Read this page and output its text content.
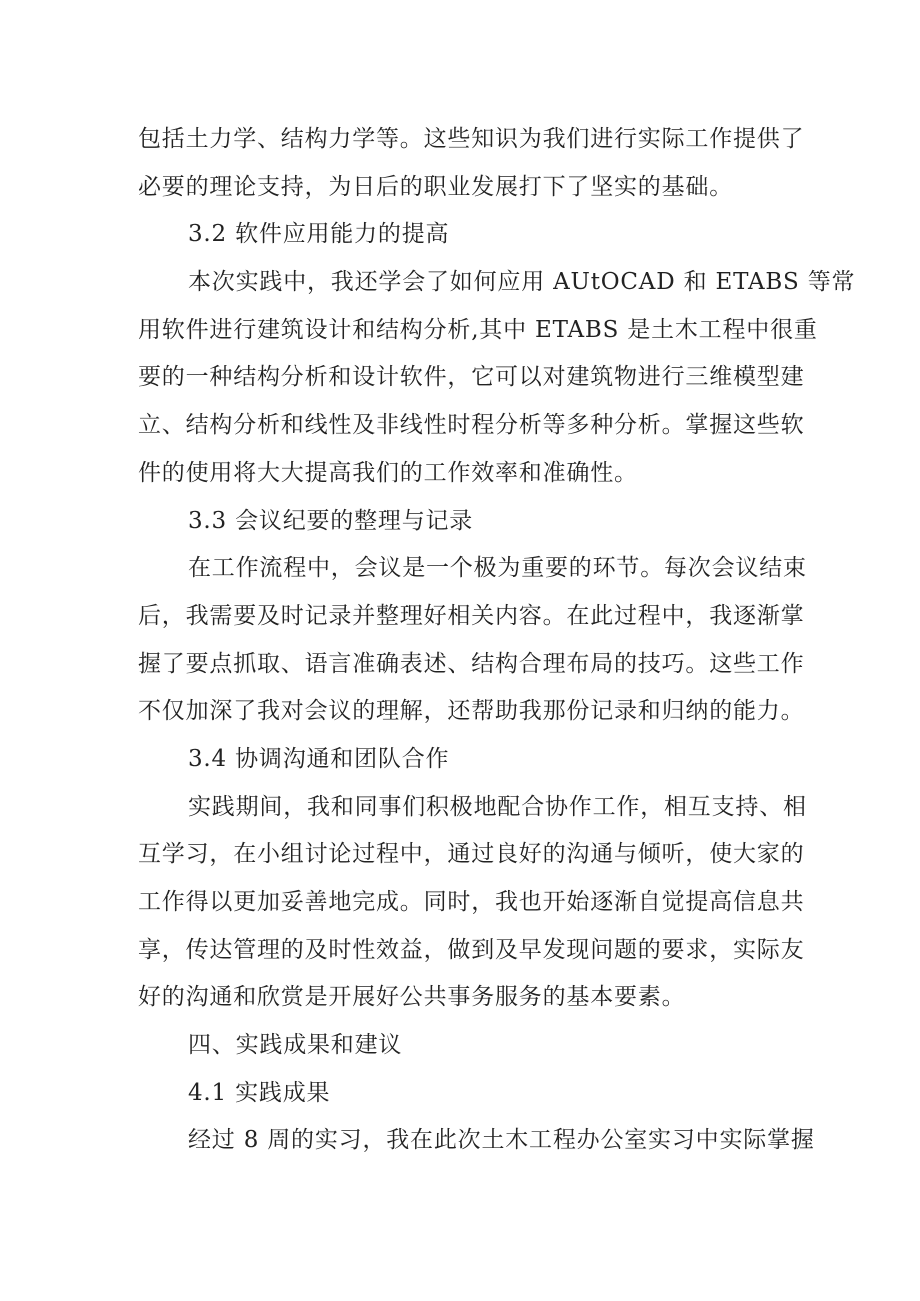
包括土力学、结构力学等。这些知识为我们进行实际工作提供了
必要的理论支持，为日后的职业发展打下了坚实的基础。
3.2 软件应用能力的提高
本次实践中，我还学会了如何应用 AUtOCAD 和 ETABS 等常
用软件进行建筑设计和结构分析,其中 ETABS 是土木工程中很重
要的一种结构分析和设计软件，它可以对建筑物进行三维模型建
立、结构分析和线性及非线性时程分析等多种分析。掌握这些软
件的使用将大大提高我们的工作效率和准确性。
3.3 会议纪要的整理与记录
在工作流程中，会议是一个极为重要的环节。每次会议结束
后，我需要及时记录并整理好相关内容。在此过程中，我逐渐掌
握了要点抓取、语言准确表述、结构合理布局的技巧。这些工作
不仅加深了我对会议的理解，还帮助我那份记录和归纳的能力。
3.4 协调沟通和团队合作
实践期间，我和同事们积极地配合协作工作，相互支持、相
互学习，在小组讨论过程中，通过良好的沟通与倾听，使大家的
工作得以更加妥善地完成。同时，我也开始逐渐自觉提高信息共
享，传达管理的及时性效益，做到及早发现问题的要求，实际友
好的沟通和欣赏是开展好公共事务服务的基本要素。
四、实践成果和建议
4.1 实践成果
经过 8 周的实习，我在此次土木工程办公室实习中实际掌握
